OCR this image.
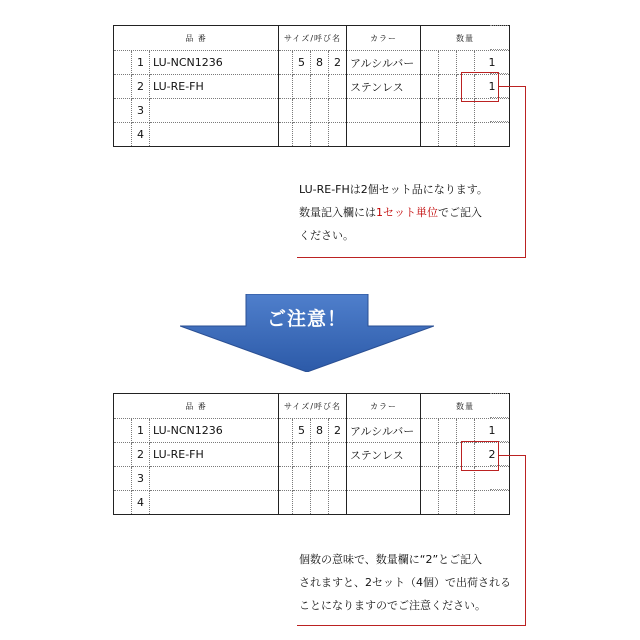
品 番			サイズ/呼び名				カラー	数量			
	1	LU-NCN1236		5	8	2	アルシルバー				1
	2	LU-RE-FH					ステンレス				1
	3										
	4										
LU-RE-FHは2個セット品になります。
数量記入欄には1セット単位でご記入
ください。
ご注意！
品 番			サイズ/呼び名				カラー	数量			
	1	LU-NCN1236		5	8	2	アルシルバー				1
	2	LU-RE-FH					ステンレス				2
	3										
	4										
個数の意味で、数量欄に“2”とご記入
されますと、2セット（4個）で出荷される
ことになりますのでご注意ください。
